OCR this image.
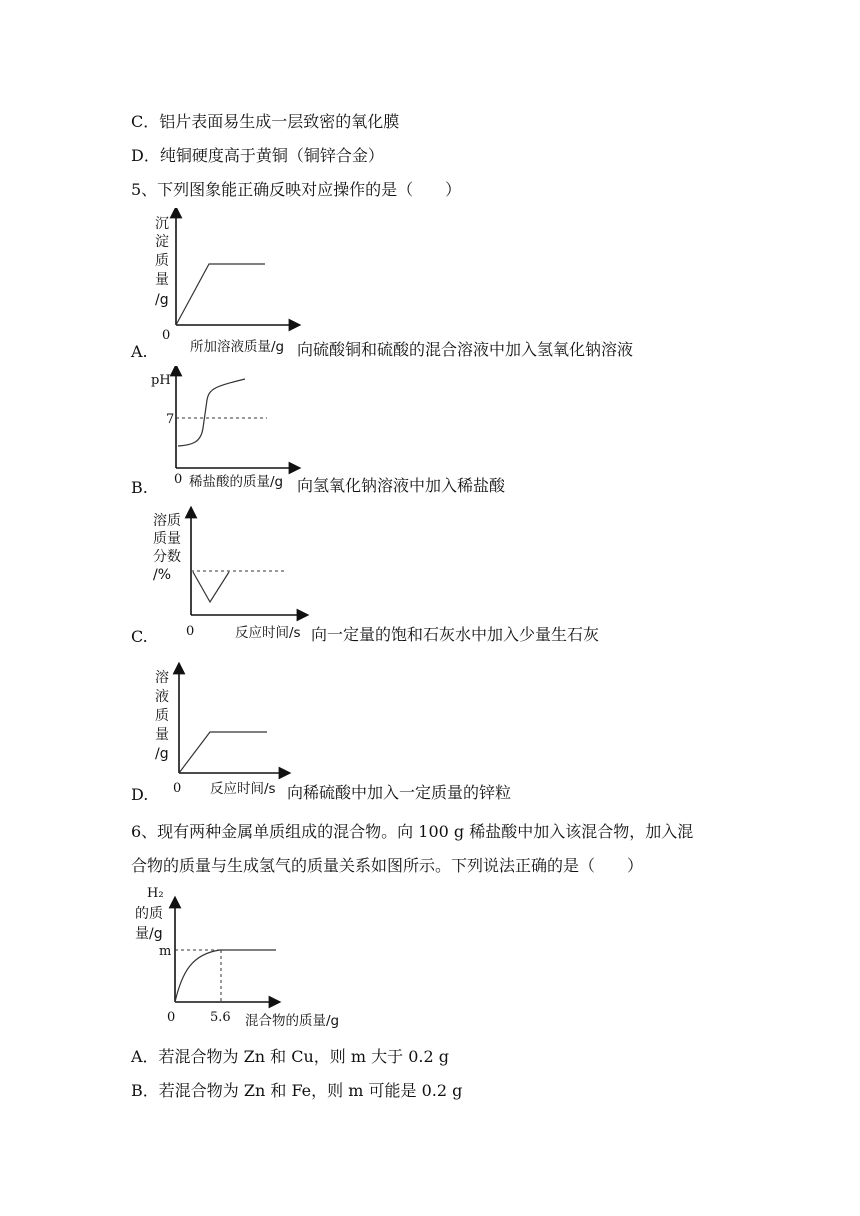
C．铝片表面易生成一层致密的氧化膜
D．纯铜硬度高于黄铜（铜锌合金）
5、下列图象能正确反映对应操作的是（　　）
沉
淀
质
量
/g
0
所加溶液质量/g
A.	向硫酸铜和硫酸的混合溶液中加入氢氧化钠溶液
pH
7
0 稀盐酸的质量/g
B.	向氢氧化钠溶液中加入稀盐酸
溶质
质量
分数
/%
0	反应时间/s
C.	向一定量的饱和石灰水中加入少量生石灰
溶
液
质
量
/g
0 反应时间/s
D.	向稀硫酸中加入一定质量的锌粒
6、现有两种金属单质组成的混合物。向 100 g 稀盐酸中加入该混合物，加入混
合物的质量与生成氢气的质量关系如图所示。下列说法正确的是（　　）
H₂
的质
量/g
m
0	5.6 混合物的质量/g
A．若混合物为 Zn 和 Cu，则 m 大于 0.2 g
B．若混合物为 Zn 和 Fe，则 m 可能是 0.2 g
